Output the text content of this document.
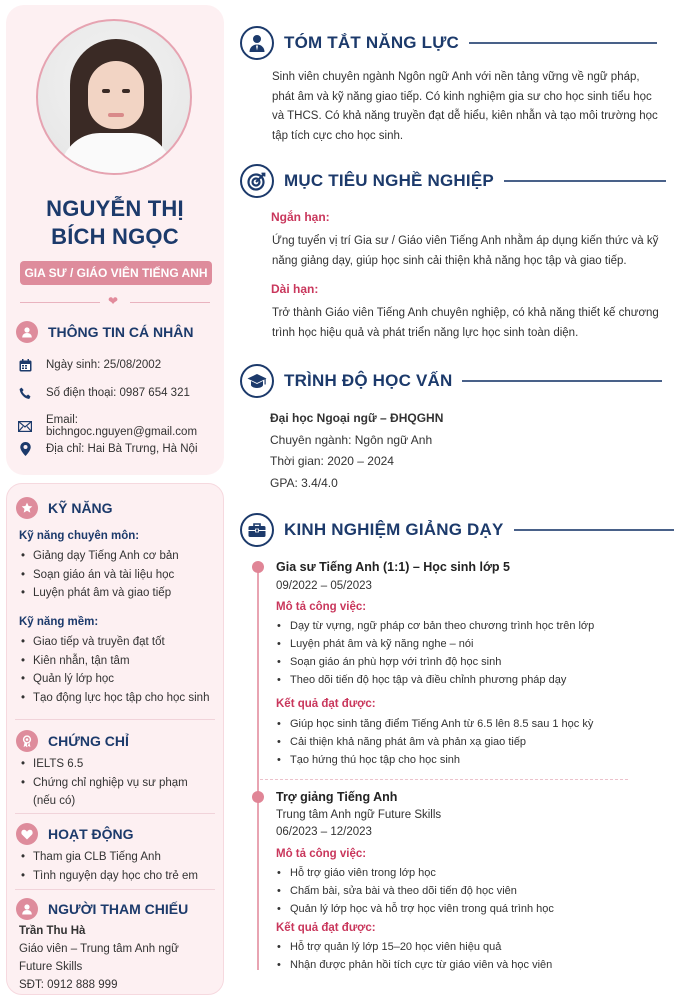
NGUYỄN THỊ
BÍCH NGỌC
GIA SƯ / GIÁO VIÊN TIẾNG ANH
❤
THÔNG TIN CÁ NHÂN
Ngày sinh: 25/08/2002
Số điện thoại: 0987 654 321
Email: bichngoc.nguyen@gmail.com
Địa chỉ: Hai Bà Trưng, Hà Nội
KỸ NĂNG
Kỹ năng chuyên môn:
• Giảng dạy Tiếng Anh cơ bản
• Soạn giáo án và tài liệu học
• Luyện phát âm và giao tiếp
Kỹ năng mềm:
• Giao tiếp và truyền đạt tốt
• Kiên nhẫn, tận tâm
• Quản lý lớp học
• Tạo động lực học tập cho học sinh
CHỨNG CHỈ
• IELTS 6.5
• Chứng chỉ nghiệp vụ sư phạm
(nếu có)
HOẠT ĐỘNG
• Tham gia CLB Tiếng Anh
• Tình nguyện dạy học cho trẻ em
NGƯỜI THAM CHIẾU
Trần Thu Hà
Giáo viên – Trung tâm Anh ngữ
Future Skills
SĐT: 0912 888 999
TÓM TẮT NĂNG LỰC
Sinh viên chuyên ngành Ngôn ngữ Anh với nền tảng vững về ngữ pháp, phát âm và kỹ năng giao tiếp. Có kinh nghiệm gia sư cho học sinh tiểu học và THCS. Có khả năng truyền đạt dễ hiểu, kiên nhẫn và tạo môi trường học tập tích cực cho học sinh.
MỤC TIÊU NGHỀ NGHIỆP
Ngắn hạn:
Ứng tuyển vị trí Gia sư / Giáo viên Tiếng Anh nhằm áp dụng kiến thức và kỹ năng giảng dạy, giúp học sinh cải thiện khả năng học tập và giao tiếp.
Dài hạn:
Trở thành Giáo viên Tiếng Anh chuyên nghiệp, có khả năng thiết kế chương trình học hiệu quả và phát triển năng lực học sinh toàn diện.
TRÌNH ĐỘ HỌC VẤN
Đại học Ngoại ngữ – ĐHQGHN
Chuyên ngành: Ngôn ngữ Anh
Thời gian: 2020 – 2024
GPA: 3.4/4.0
KINH NGHIỆM GIẢNG DẠY
Gia sư Tiếng Anh (1:1) – Học sinh lớp 5
09/2022 – 05/2023
Mô tả công việc:
• Dạy từ vựng, ngữ pháp cơ bản theo chương trình học trên lớp
• Luyện phát âm và kỹ năng nghe – nói
• Soạn giáo án phù hợp với trình độ học sinh
• Theo dõi tiến độ học tập và điều chỉnh phương pháp dạy
Kết quả đạt được:
• Giúp học sinh tăng điểm Tiếng Anh từ 6.5 lên 8.5 sau 1 học kỳ
• Cải thiện khả năng phát âm và phản xạ giao tiếp
• Tạo hứng thú học tập cho học sinh
Trợ giảng Tiếng Anh
Trung tâm Anh ngữ Future Skills
06/2023 – 12/2023
Mô tả công việc:
• Hỗ trợ giáo viên trong lớp học
• Chấm bài, sửa bài và theo dõi tiến độ học viên
• Quản lý lớp học và hỗ trợ học viên trong quá trình học
Kết quả đạt được:
• Hỗ trợ quản lý lớp 15–20 học viên hiệu quả
• Nhận được phản hồi tích cực từ giáo viên và học viên
